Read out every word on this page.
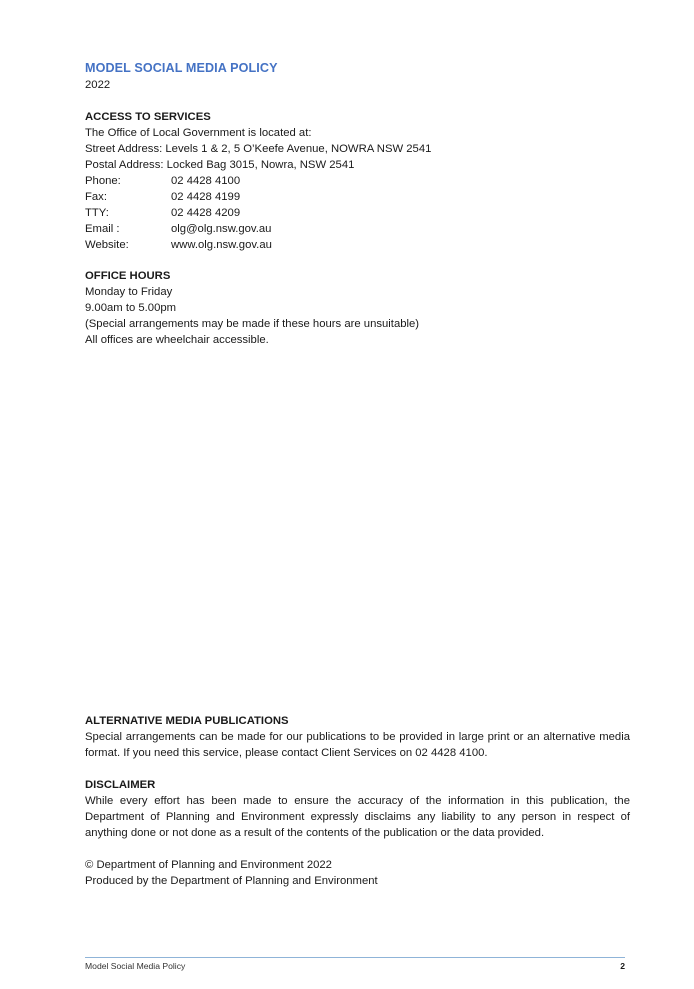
MODEL SOCIAL MEDIA POLICY
2022

ACCESS TO SERVICES

The Office of Local Government is located at:

Street Address: Levels 1 & 2, 5 O’Keefe Avenue, NOWRA NSW 2541

Postal Address: Locked Bag 3015, Nowra, NSW 2541

Phone:	02 4428 4100
Fax:	02 4428 4199
TTY:	02 4428 4209
Email :	olg@olg.nsw.gov.au
Website:	www.olg.nsw.gov.au

OFFICE HOURS

Monday to Friday

9.00am to 5.00pm

(Special arrangements may be made if these hours are unsuitable)

All offices are wheelchair accessible.

ALTERNATIVE MEDIA PUBLICATIONS

Special arrangements can be made for our publications to be provided in large print or an alternative media format. If you need this service, please contact Client Services on 02 4428 4100.

DISCLAIMER

While every effort has been made to ensure the accuracy of the information in this publication, the Department of Planning and Environment expressly disclaims any liability to any person in respect of anything done or not done as a result of the contents of the publication or the data provided.

© Department of Planning and Environment 2022

Produced by the Department of Planning and Environment

Model Social Media Policy	2
